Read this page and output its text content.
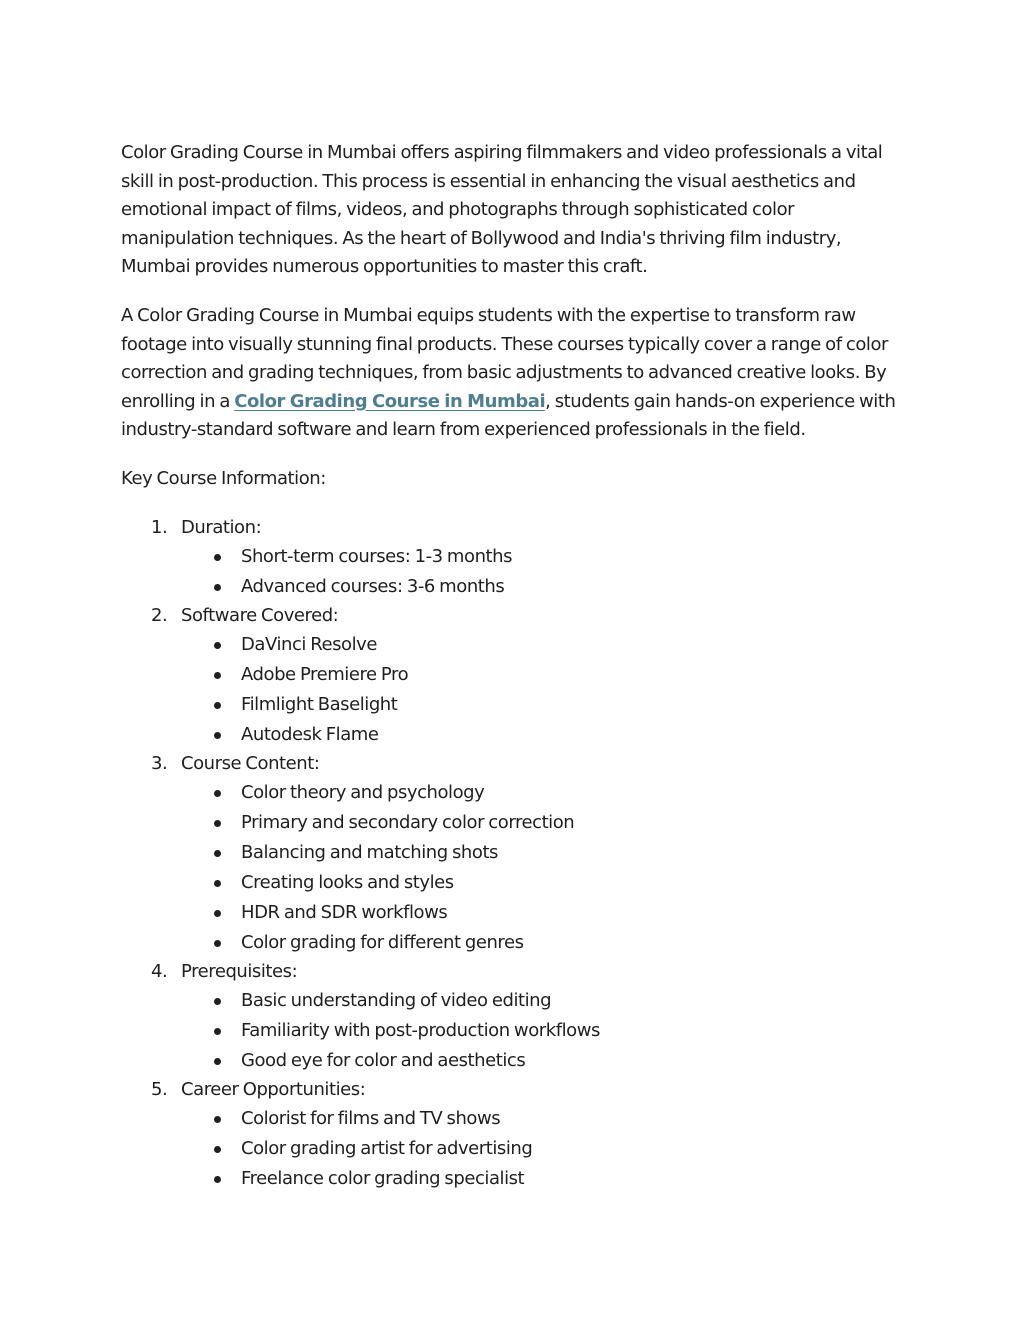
Color Grading Course in Mumbai offers aspiring filmmakers and video professionals a vital skill in post-production. This process is essential in enhancing the visual aesthetics and emotional impact of films, videos, and photographs through sophisticated color manipulation techniques. As the heart of Bollywood and India's thriving film industry, Mumbai provides numerous opportunities to master this craft.

A Color Grading Course in Mumbai equips students with the expertise to transform raw footage into visually stunning final products. These courses typically cover a range of color correction and grading techniques, from basic adjustments to advanced creative looks. By enrolling in a Color Grading Course in Mumbai, students gain hands-on experience with industry-standard software and learn from experienced professionals in the field.

Key Course Information:

1. Duration:
Short-term courses: 1-3 months
Advanced courses: 3-6 months
2. Software Covered:
DaVinci Resolve
Adobe Premiere Pro
Filmlight Baselight
Autodesk Flame
3. Course Content:
Color theory and psychology
Primary and secondary color correction
Balancing and matching shots
Creating looks and styles
HDR and SDR workflows
Color grading for different genres
4. Prerequisites:
Basic understanding of video editing
Familiarity with post-production workflows
Good eye for color and aesthetics
5. Career Opportunities:
Colorist for films and TV shows
Color grading artist for advertising
Freelance color grading specialist
